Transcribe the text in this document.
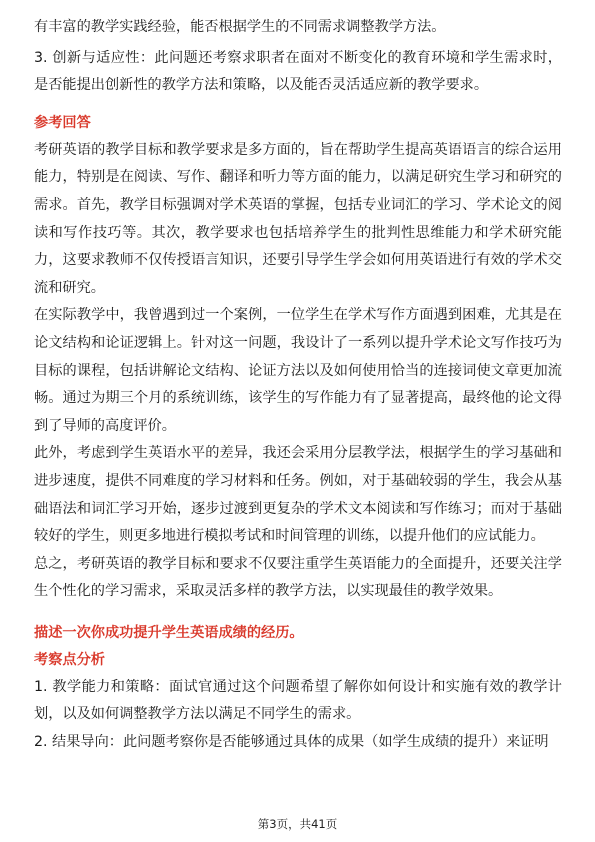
有丰富的教学实践经验，能否根据学生的不同需求调整教学方法。

3. 创新与适应性：此问题还考察求职者在面对不断变化的教育环境和学生需求时，是否能提出创新性的教学方法和策略，以及能否灵活适应新的教学要求。

参考回答

考研英语的教学目标和教学要求是多方面的，旨在帮助学生提高英语语言的综合运用能力，特别是在阅读、写作、翻译和听力等方面的能力，以满足研究生学习和研究的需求。首先，教学目标强调对学术英语的掌握，包括专业词汇的学习、学术论文的阅读和写作技巧等。其次，教学要求也包括培养学生的批判性思维能力和学术研究能力，这要求教师不仅传授语言知识，还要引导学生学会如何用英语进行有效的学术交流和研究。

在实际教学中，我曾遇到过一个案例，一位学生在学术写作方面遇到困难，尤其是在论文结构和论证逻辑上。针对这一问题，我设计了一系列以提升学术论文写作技巧为目标的课程，包括讲解论文结构、论证方法以及如何使用恰当的连接词使文章更加流畅。通过为期三个月的系统训练，该学生的写作能力有了显著提高，最终他的论文得到了导师的高度评价。

此外，考虑到学生英语水平的差异，我还会采用分层教学法，根据学生的学习基础和进步速度，提供不同难度的学习材料和任务。例如，对于基础较弱的学生，我会从基础语法和词汇学习开始，逐步过渡到更复杂的学术文本阅读和写作练习；而对于基础较好的学生，则更多地进行模拟考试和时间管理的训练，以提升他们的应试能力。

总之，考研英语的教学目标和要求不仅要注重学生英语能力的全面提升，还要关注学生个性化的学习需求，采取灵活多样的教学方法，以实现最佳的教学效果。

描述一次你成功提升学生英语成绩的经历。

考察点分析

1. 教学能力和策略：面试官通过这个问题希望了解你如何设计和实施有效的教学计划，以及如何调整教学方法以满足不同学生的需求。

2. 结果导向：此问题考察你是否能够通过具体的成果（如学生成绩的提升）来证明

第3页，共41页
